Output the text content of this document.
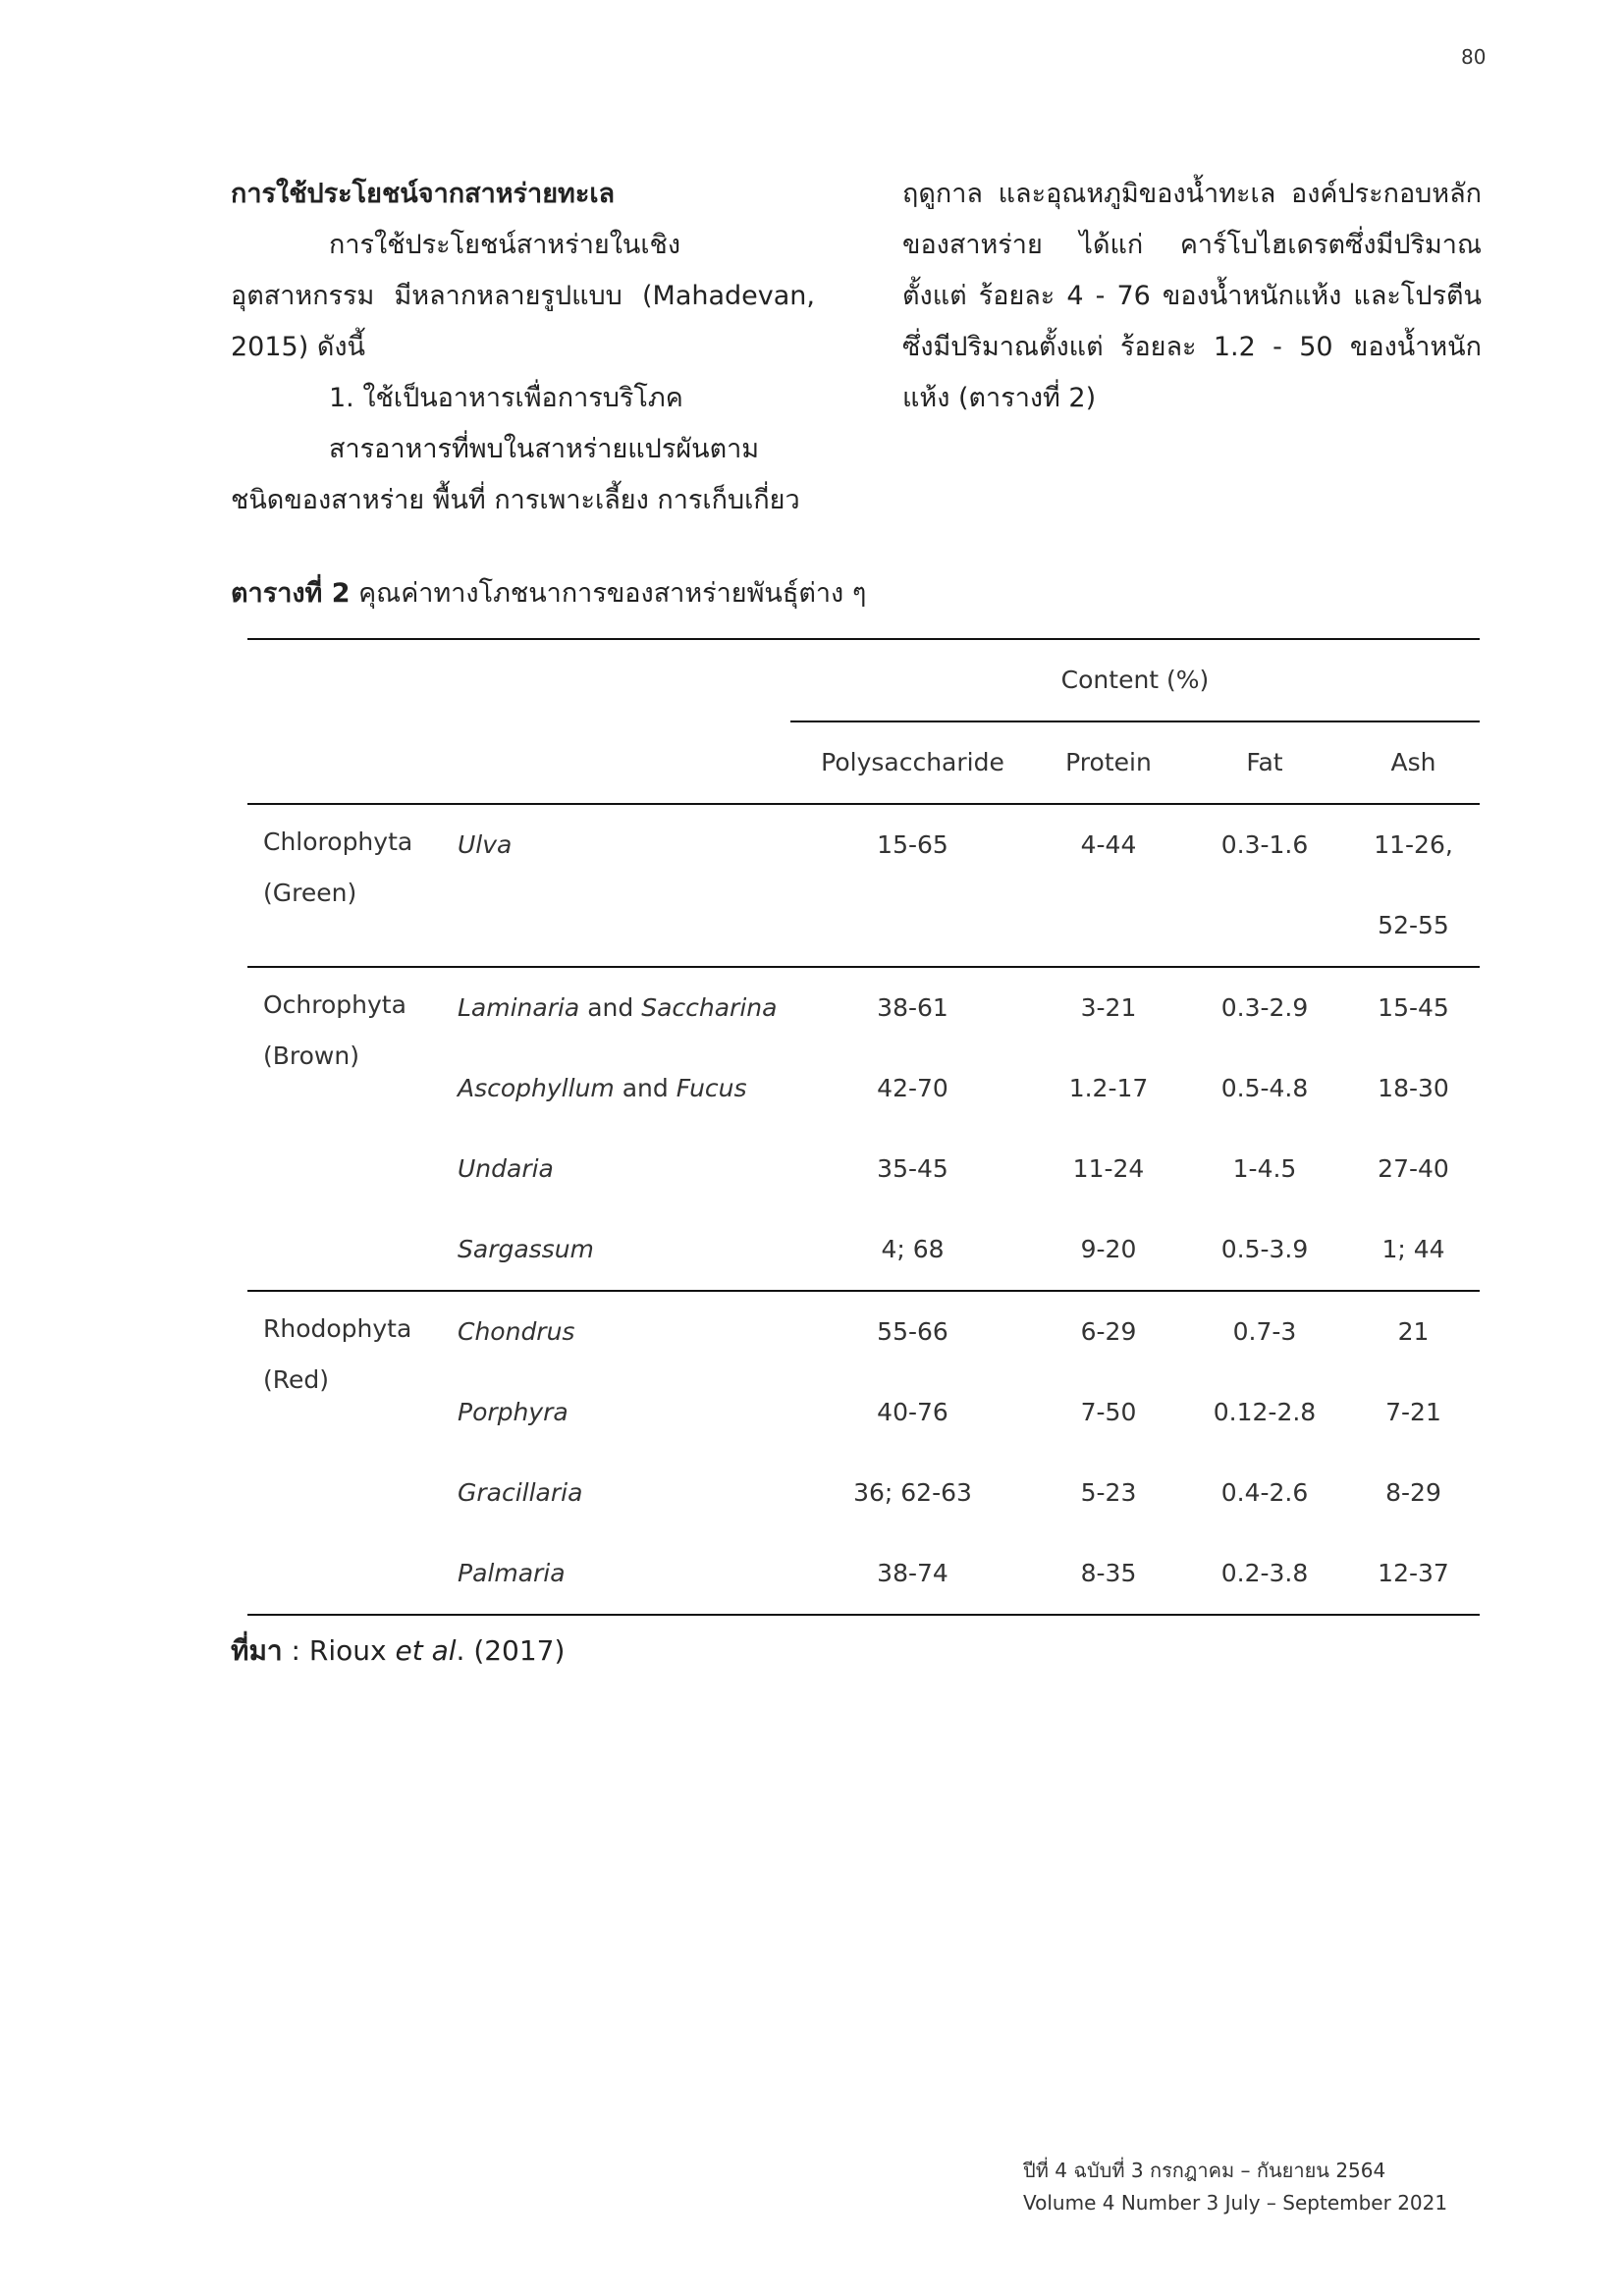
80

การใช้ประโยชน์จากสาหร่ายทะเล

การใช้ประโยชน์สาหร่ายในเชิงอุตสาหกรรม มีหลากหลายรูปแบบ (Mahadevan, 2015) ดังนี้

1. ใช้เป็นอาหารเพื่อการบริโภค

สารอาหารที่พบในสาหร่ายแปรผันตาม ชนิดของสาหร่าย พื้นที่ การเพาะเลี้ยง การเก็บเกี่ยว

ฤดูกาล และอุณหภูมิของน้ำทะเล องค์ประกอบหลักของสาหร่าย ได้แก่ คาร์โบไฮเดรตซึ่งมีปริมาณตั้งแต่ ร้อยละ 4 - 76 ของน้ำหนักแห้ง และโปรตีนซึ่งมีปริมาณตั้งแต่ ร้อยละ 1.2 - 50 ของน้ำหนักแห้ง (ตารางที่ 2)

ตารางที่ 2 คุณค่าทางโภชนาการของสาหร่ายพันธุ์ต่าง ๆ
		Content (%)			
		Polysaccharide	Protein	Fat	Ash
Chlorophyta
(Green)	Ulva	15-65	4-44	0.3-1.6	11-26,
					52-55
Ochrophyta
(Brown)	Laminaria and Saccharina	38-61	3-21	0.3-2.9	15-45
	Ascophyllum and Fucus	42-70	1.2-17	0.5-4.8	18-30
	Undaria	35-45	11-24	1-4.5	27-40
	Sargassum	4; 68	9-20	0.5-3.9	1; 44
Rhodophyta
(Red)	Chondrus	55-66	6-29	0.7-3	21
	Porphyra	40-76	7-50	0.12-2.8	7-21
	Gracillaria	36; 62-63	5-23	0.4-2.6	8-29
	Palmaria	38-74	8-35	0.2-3.8	12-37
ที่มา : Rioux et al. (2017)
ปีที่ 4 ฉบับที่ 3 กรกฎาคม – กันยายน 2564
Volume 4 Number 3 July – September 2021
